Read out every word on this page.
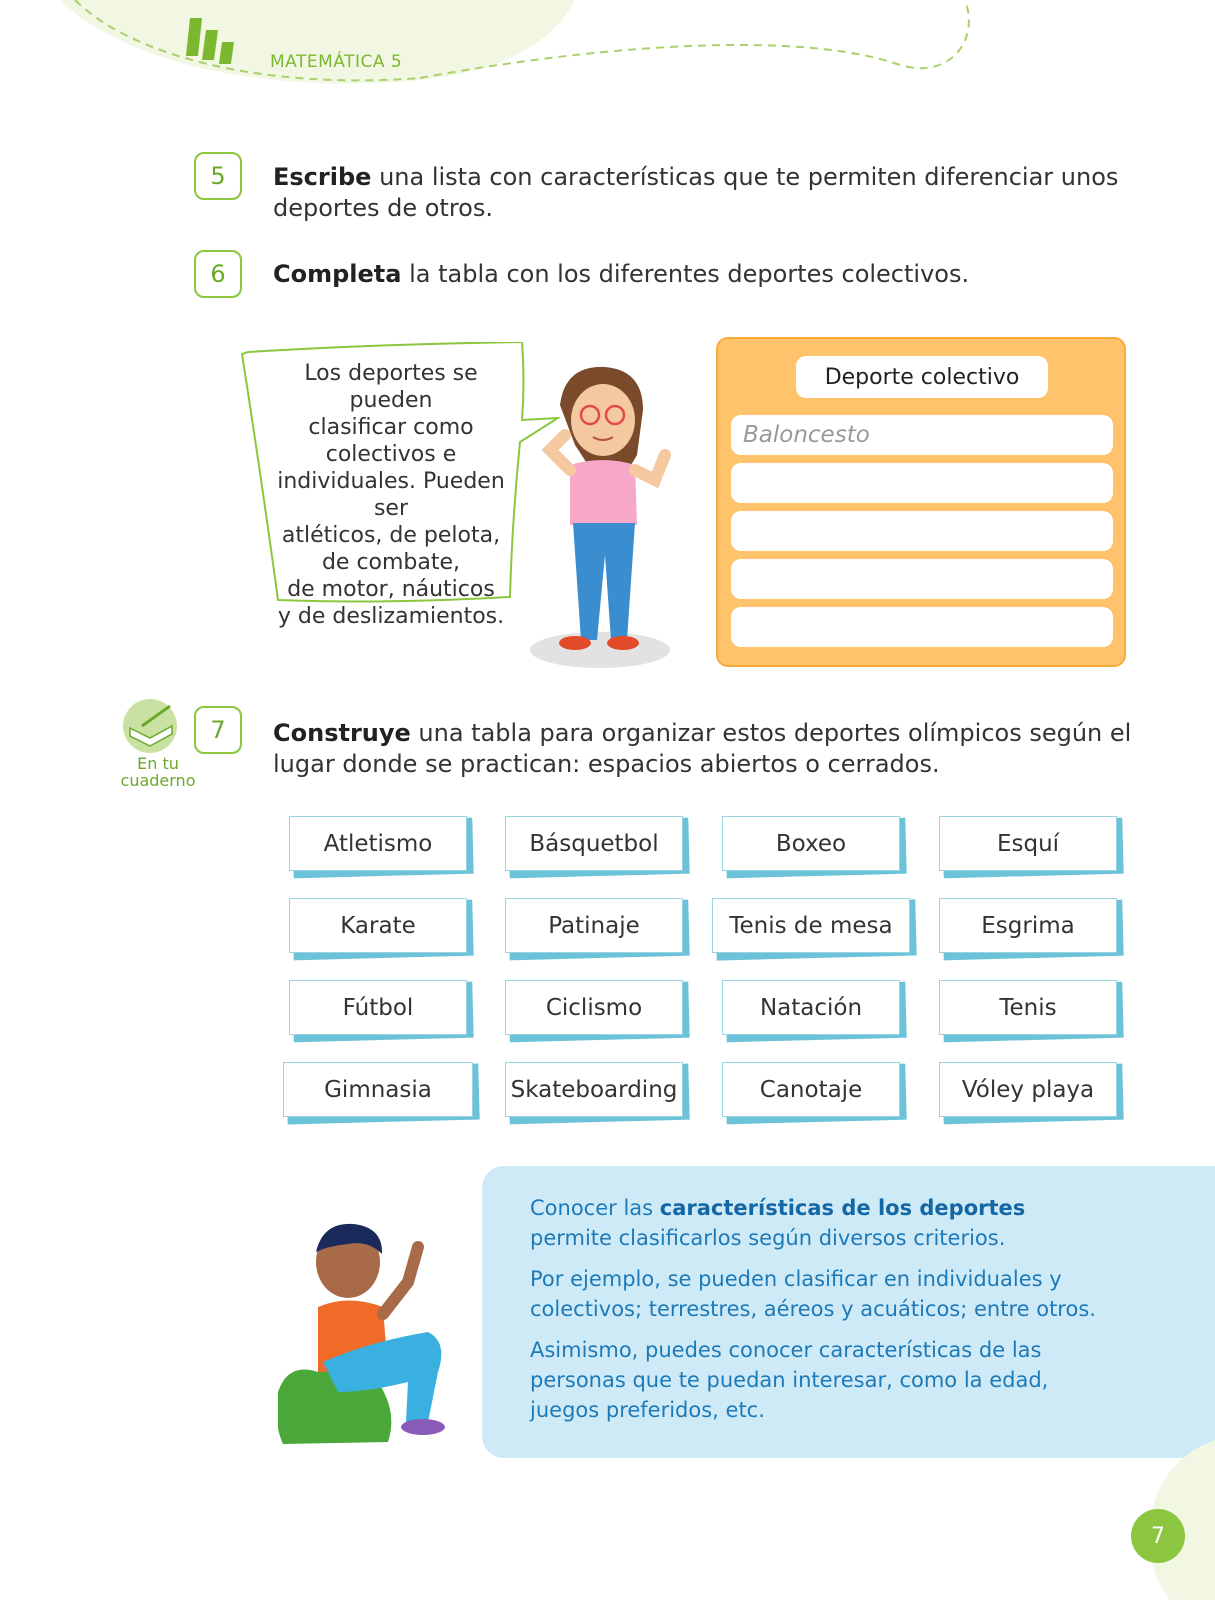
MATEMÁTICA 5
5	Escribe una lista con características que te permiten diferenciar unos deportes de otros.
6	Completa la tabla con los diferentes deportes colectivos.
Los deportes se pueden
clasificar como
colectivos e
individuales. Pueden ser
atléticos, de pelota,
de combate,
de motor, náuticos
y de deslizamientos.
Deporte colectivo
Baloncesto
En tu
cuaderno
7	Construye una tabla para organizar estos deportes olímpicos según el lugar donde se practican: espacios abiertos o cerrados.
Atletismo	Básquetbol	Boxeo	Esquí
Karate	Patinaje	Tenis de mesa	Esgrima
Fútbol	Ciclismo	Natación	Tenis
Gimnasia	Skateboarding	Canotaje	Vóley playa
Conocer las características de los deportes permite clasificarlos según diversos criterios.
Por ejemplo, se pueden clasificar en individuales y colectivos; terrestres, aéreos y acuáticos; entre otros.
Asimismo, puedes conocer características de las personas que te puedan interesar, como la edad, juegos preferidos, etc.
7
